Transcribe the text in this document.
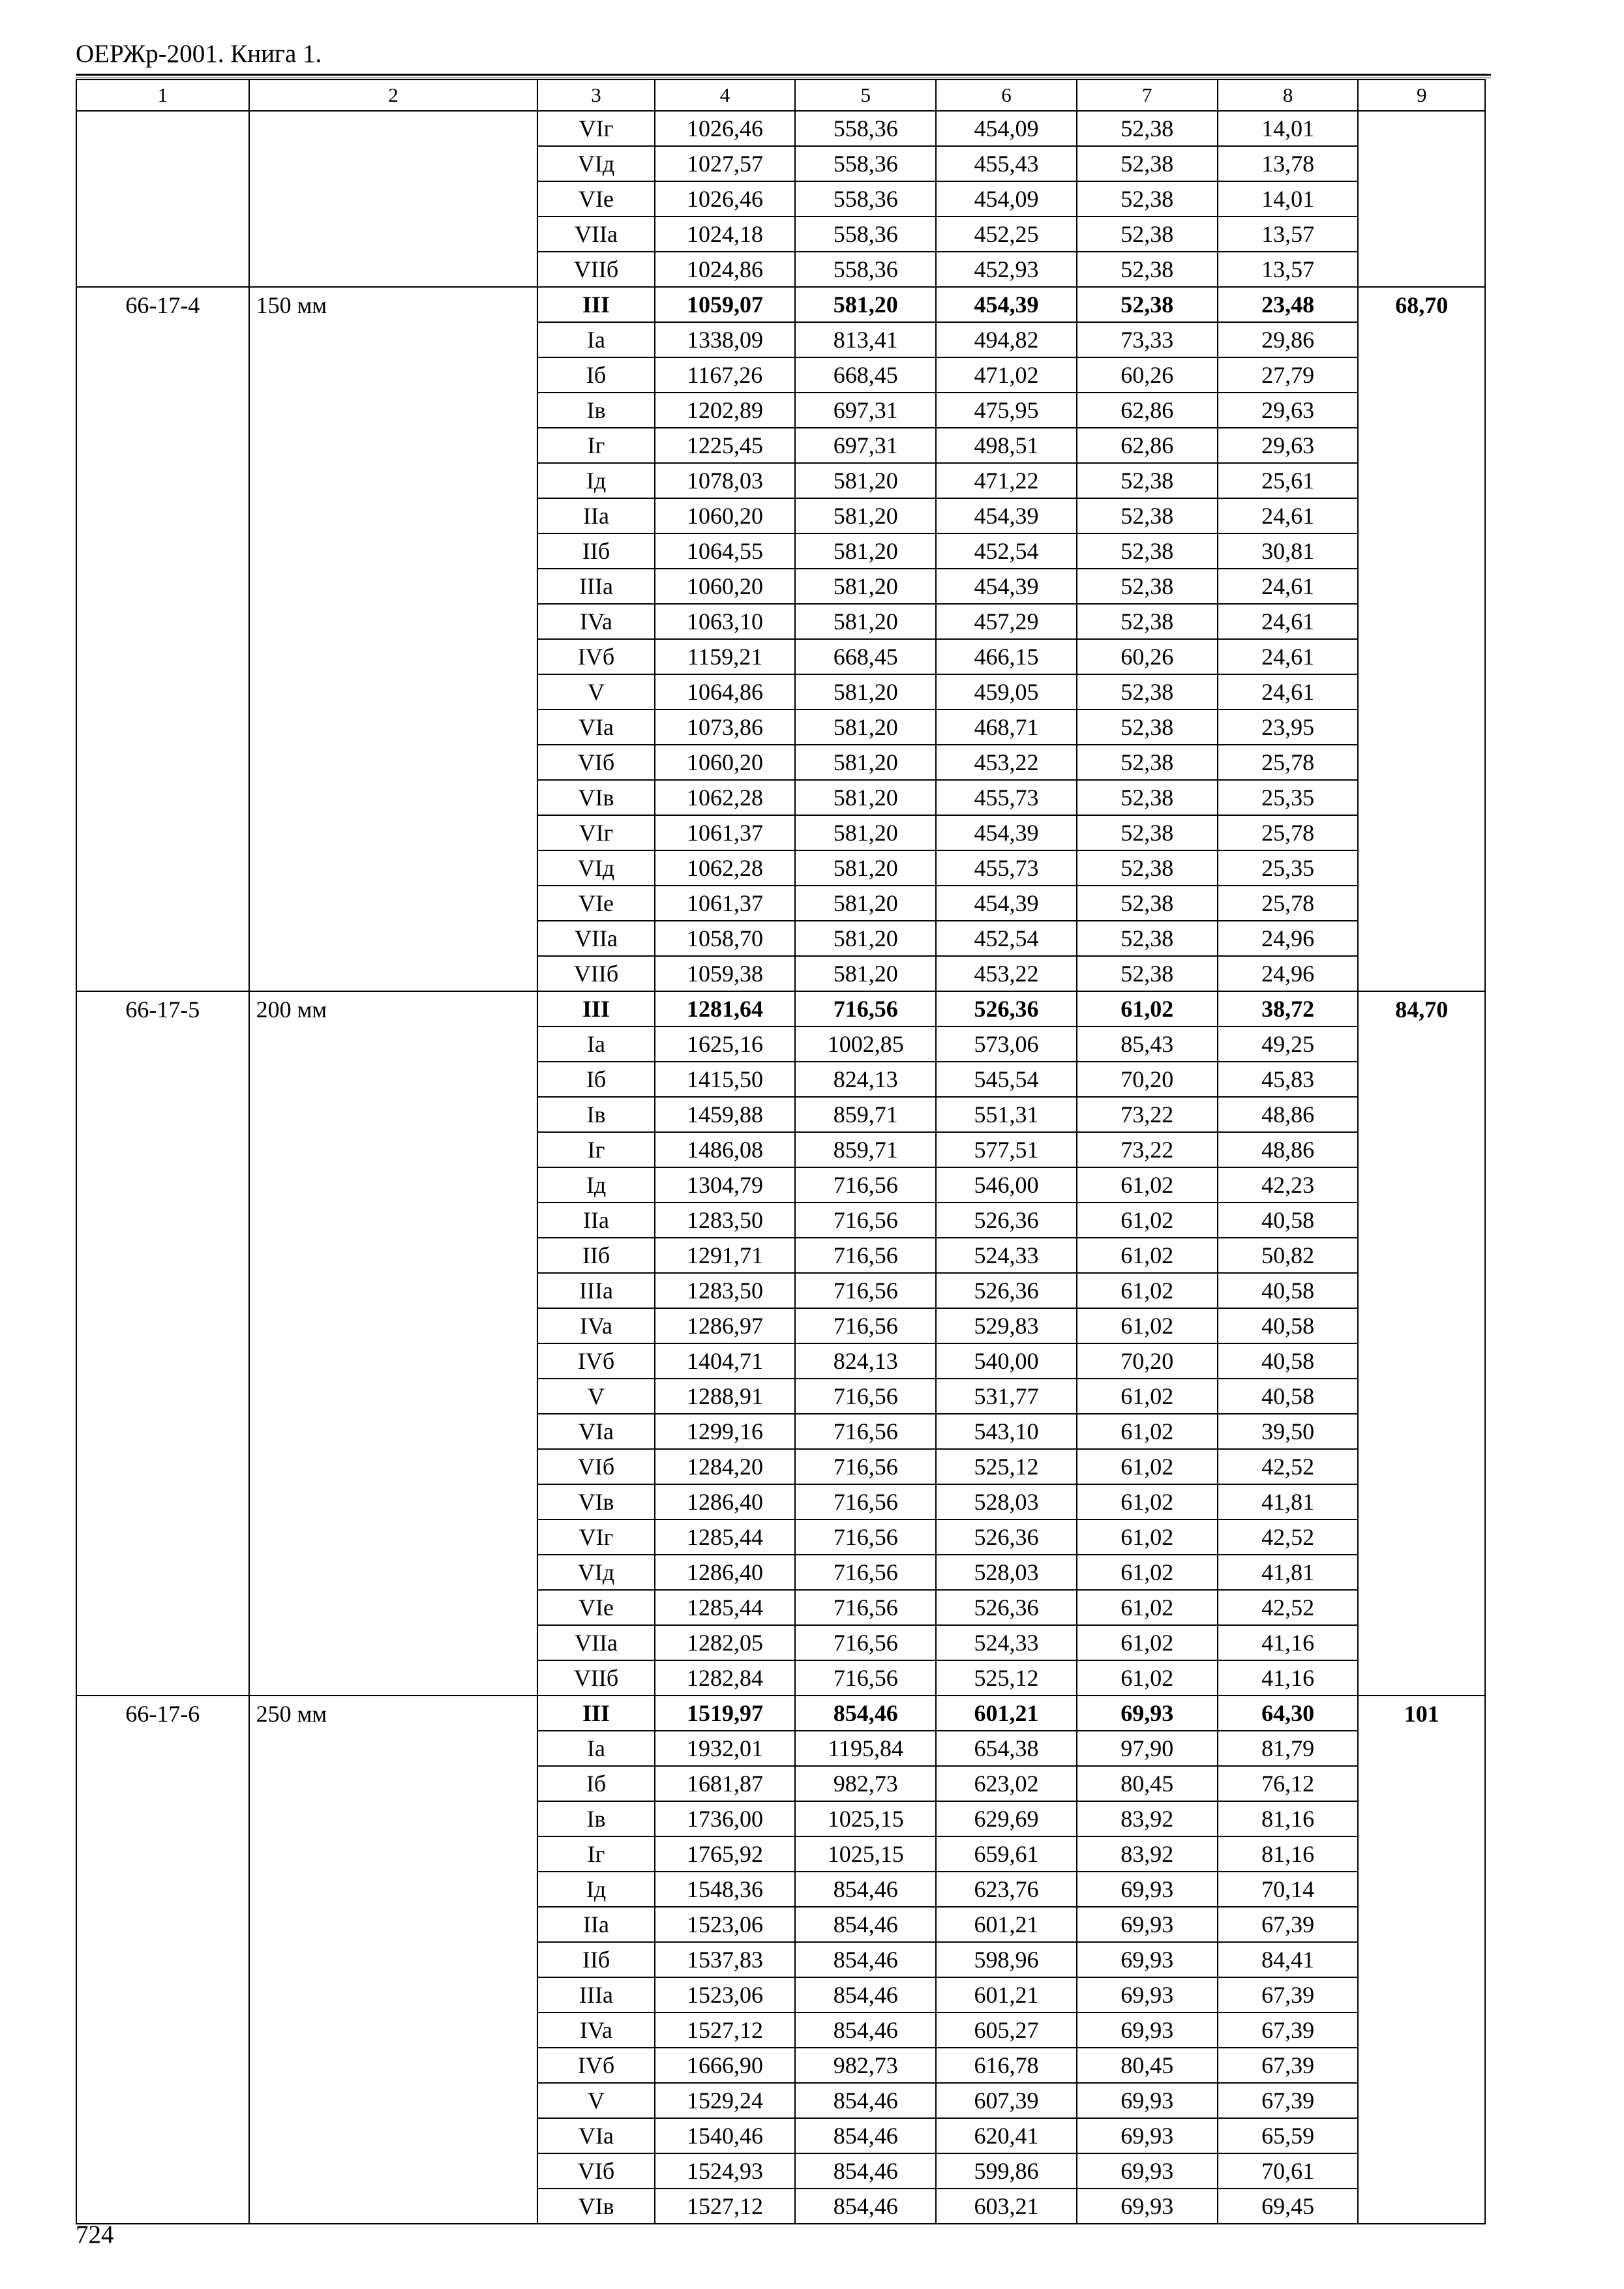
ОЕРЖр-2001. Книга 1.
1	2	3	4	5	6	7	8	9
		VIг	1026,46	558,36	454,09	52,38	14,01	
		VIд	1027,57	558,36	455,43	52,38	13,78	
		VIe	1026,46	558,36	454,09	52,38	14,01	
		VIIa	1024,18	558,36	452,25	52,38	13,57	
		VIIб	1024,86	558,36	452,93	52,38	13,57	
66-17-4	150 мм	III	1059,07	581,20	454,39	52,38	23,48	68,70
		Ia	1338,09	813,41	494,82	73,33	29,86	
		Iб	1167,26	668,45	471,02	60,26	27,79	
		Iв	1202,89	697,31	475,95	62,86	29,63	
		Iг	1225,45	697,31	498,51	62,86	29,63	
		Iд	1078,03	581,20	471,22	52,38	25,61	
		IIa	1060,20	581,20	454,39	52,38	24,61	
		IIб	1064,55	581,20	452,54	52,38	30,81	
		IIIa	1060,20	581,20	454,39	52,38	24,61	
		IVa	1063,10	581,20	457,29	52,38	24,61	
		IVб	1159,21	668,45	466,15	60,26	24,61	
		V	1064,86	581,20	459,05	52,38	24,61	
		VIa	1073,86	581,20	468,71	52,38	23,95	
		VIб	1060,20	581,20	453,22	52,38	25,78	
		VIв	1062,28	581,20	455,73	52,38	25,35	
		VIг	1061,37	581,20	454,39	52,38	25,78	
		VIд	1062,28	581,20	455,73	52,38	25,35	
		VIe	1061,37	581,20	454,39	52,38	25,78	
		VIIa	1058,70	581,20	452,54	52,38	24,96	
		VIIб	1059,38	581,20	453,22	52,38	24,96	
66-17-5	200 мм	III	1281,64	716,56	526,36	61,02	38,72	84,70
		Ia	1625,16	1002,85	573,06	85,43	49,25	
		Iб	1415,50	824,13	545,54	70,20	45,83	
		Iв	1459,88	859,71	551,31	73,22	48,86	
		Iг	1486,08	859,71	577,51	73,22	48,86	
		Iд	1304,79	716,56	546,00	61,02	42,23	
		IIa	1283,50	716,56	526,36	61,02	40,58	
		IIб	1291,71	716,56	524,33	61,02	50,82	
		IIIa	1283,50	716,56	526,36	61,02	40,58	
		IVa	1286,97	716,56	529,83	61,02	40,58	
		IVб	1404,71	824,13	540,00	70,20	40,58	
		V	1288,91	716,56	531,77	61,02	40,58	
		VIa	1299,16	716,56	543,10	61,02	39,50	
		VIб	1284,20	716,56	525,12	61,02	42,52	
		VIв	1286,40	716,56	528,03	61,02	41,81	
		VIг	1285,44	716,56	526,36	61,02	42,52	
		VIд	1286,40	716,56	528,03	61,02	41,81	
		VIe	1285,44	716,56	526,36	61,02	42,52	
		VIIa	1282,05	716,56	524,33	61,02	41,16	
		VIIб	1282,84	716,56	525,12	61,02	41,16	
66-17-6	250 мм	III	1519,97	854,46	601,21	69,93	64,30	101
		Ia	1932,01	1195,84	654,38	97,90	81,79	
		Iб	1681,87	982,73	623,02	80,45	76,12	
		Iв	1736,00	1025,15	629,69	83,92	81,16	
		Iг	1765,92	1025,15	659,61	83,92	81,16	
		Iд	1548,36	854,46	623,76	69,93	70,14	
		IIa	1523,06	854,46	601,21	69,93	67,39	
		IIб	1537,83	854,46	598,96	69,93	84,41	
		IIIa	1523,06	854,46	601,21	69,93	67,39	
		IVa	1527,12	854,46	605,27	69,93	67,39	
		IVб	1666,90	982,73	616,78	80,45	67,39	
		V	1529,24	854,46	607,39	69,93	67,39	
		VIa	1540,46	854,46	620,41	69,93	65,59	
		VIб	1524,93	854,46	599,86	69,93	70,61	
		VIв	1527,12	854,46	603,21	69,93	69,45	
724
